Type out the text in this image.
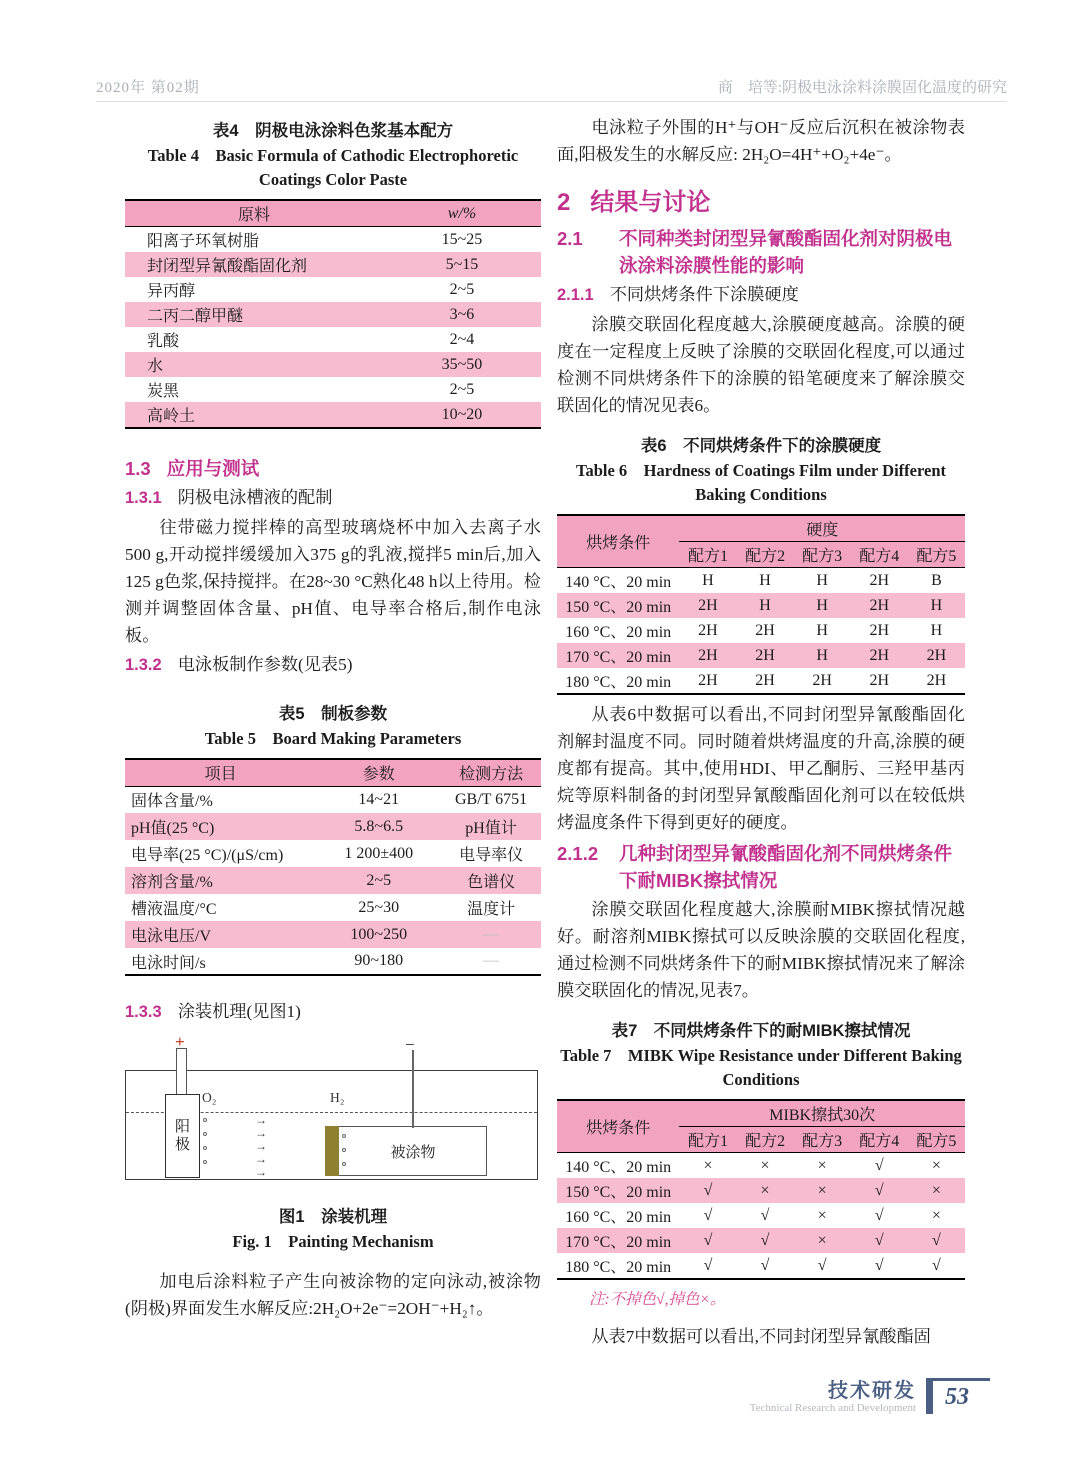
2020年 第02期	商　培等:阴极电泳涂料涂膜固化温度的研究
表4　阴极电泳涂料色浆基本配方
Table 4　Basic Formula of Cathodic Electrophoretic
Coatings Color Paste
原料	w/%
阳离子环氧树脂	15~25
封闭型异氰酸酯固化剂	5~15
异丙醇	2~5
二丙二醇甲醚	3~6
乳酸	2~4
水	35~50
炭黑	2~5
高岭土	10~20
1.3 应用与测试
1.3.1 阴极电泳槽液的配制

往带磁力搅拌棒的高型玻璃烧杯中加入去离子水500 g,开动搅拌缓缓加入375 g的乳液,搅拌5 min后,加入125 g色浆,保持搅拌。在28~30 °C熟化48 h以上待用。检测并调整固体含量、pH值、电导率合格后,制作电泳板。

1.3.2 电泳板制作参数(见表5)
表5　制板参数
Table 5　Board Making Parameters
项目	参数	检测方法
固体含量/%	14~21	GB/T 6751
pH值(25 °C)	5.8~6.5	pH值计
电导率(25 °C)/(μS/cm)	1 200±400	电导率仪
溶剂含量/%	2~5	色谱仪
槽液温度/°C	25~30	温度计
电泳电压/V	100~250	—
电泳时间/s	90~180	—
1.3.3 涂装机理(见图1)
+
阳极
O₂
→
→
→
→
→
H₂
被涂物
−
图1　涂装机理
Fig. 1　Painting Mechanism

加电后涂料粒子产生向被涂物的定向泳动,被涂物(阴极)界面发生水解反应:2H₂O+2e⁻=2OH⁻+H₂↑。

电泳粒子外围的H⁺与OH⁻反应后沉积在被涂物表面,阳极发生的水解反应: 2H₂O=4H⁺+O₂+4e⁻。

2 结果与讨论
2.1 不同种类封闭型异氰酸酯固化剂对阴极电泳涂料涂膜性能的影响
2.1.1 不同烘烤条件下涂膜硬度

涂膜交联固化程度越大,涂膜硬度越高。涂膜的硬度在一定程度上反映了涂膜的交联固化程度,可以通过检测不同烘烤条件下的涂膜的铅笔硬度来了解涂膜交联固化的情况见表6。

表6　不同烘烤条件下的涂膜硬度
Table 6　Hardness of Coatings Film under Different
Baking Conditions
烘烤条件	硬度				
	配方1	配方2	配方3	配方4	配方5
140 °C、20 min	H	H	H	2H	B
150 °C、20 min	2H	H	H	2H	H
160 °C、20 min	2H	2H	H	2H	H
170 °C、20 min	2H	2H	H	2H	2H
180 °C、20 min	2H	2H	2H	2H	2H

从表6中数据可以看出,不同封闭型异氰酸酯固化剂解封温度不同。同时随着烘烤温度的升高,涂膜的硬度都有提高。其中,使用HDI、甲乙酮肟、三羟甲基丙烷等原料制备的封闭型异氰酸酯固化剂可以在较低烘烤温度条件下得到更好的硬度。

2.1.2 几种封闭型异氰酸酯固化剂不同烘烤条件下耐MIBK擦拭情况

涂膜交联固化程度越大,涂膜耐MIBK擦拭情况越好。耐溶剂MIBK擦拭可以反映涂膜的交联固化程度,通过检测不同烘烤条件下的耐MIBK擦拭情况来了解涂膜交联固化的情况,见表7。

表7　不同烘烤条件下的耐MIBK擦拭情况
Table 7　MIBK Wipe Resistance under Different Baking
Conditions
烘烤条件	MIBK擦拭30次				
	配方1	配方2	配方3	配方4	配方5
140 °C、20 min	×	×	×	√	×
150 °C、20 min	√	×	×	√	×
160 °C、20 min	√	√	×	√	×
170 °C、20 min	√	√	×	√	√
180 °C、20 min	√	√	√	√	√
注:不掉色√,掉色×。

从表7中数据可以看出,不同封闭型异氰酸酯固

技术研发
Technical Research and Development	53
